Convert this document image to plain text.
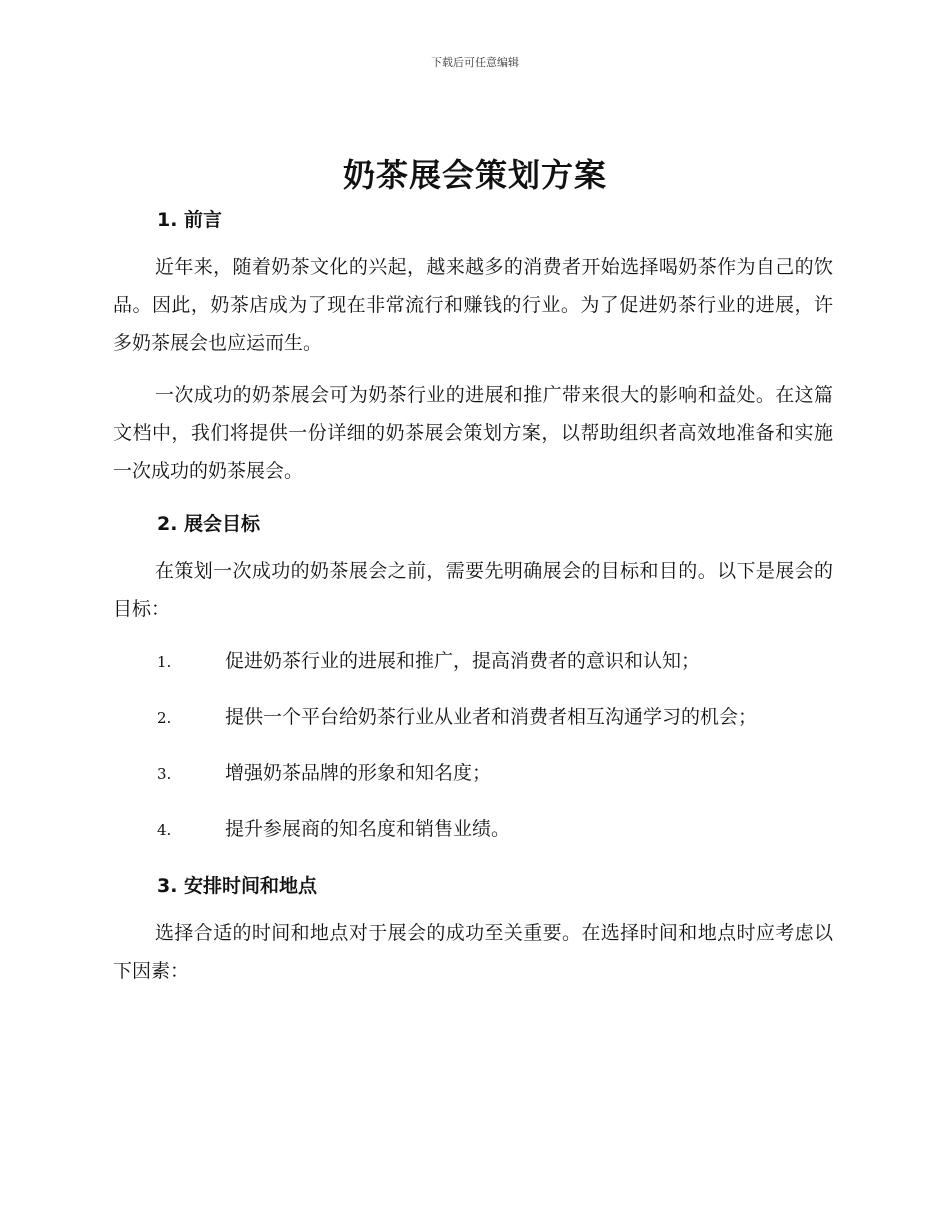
下载后可任意编辑
奶茶展会策划方案
1. 前言

近年来，随着奶茶文化的兴起，越来越多的消费者开始选择喝奶茶作为自己的饮品。因此，奶茶店成为了现在非常流行和赚钱的行业。为了促进奶茶行业的进展，许多奶茶展会也应运而生。

一次成功的奶茶展会可为奶茶行业的进展和推广带来很大的影响和益处。在这篇文档中，我们将提供一份详细的奶茶展会策划方案，以帮助组织者高效地准备和实施一次成功的奶茶展会。

2. 展会目标

在策划一次成功的奶茶展会之前，需要先明确展会的目标和目的。以下是展会的目标：

1.	促进奶茶行业的进展和推广，提高消费者的意识和认知；
2.	提供一个平台给奶茶行业从业者和消费者相互沟通学习的机会；
3.	增强奶茶品牌的形象和知名度；
4.	提升参展商的知名度和销售业绩。
3. 安排时间和地点

选择合适的时间和地点对于展会的成功至关重要。在选择时间和地点时应考虑以下因素：
